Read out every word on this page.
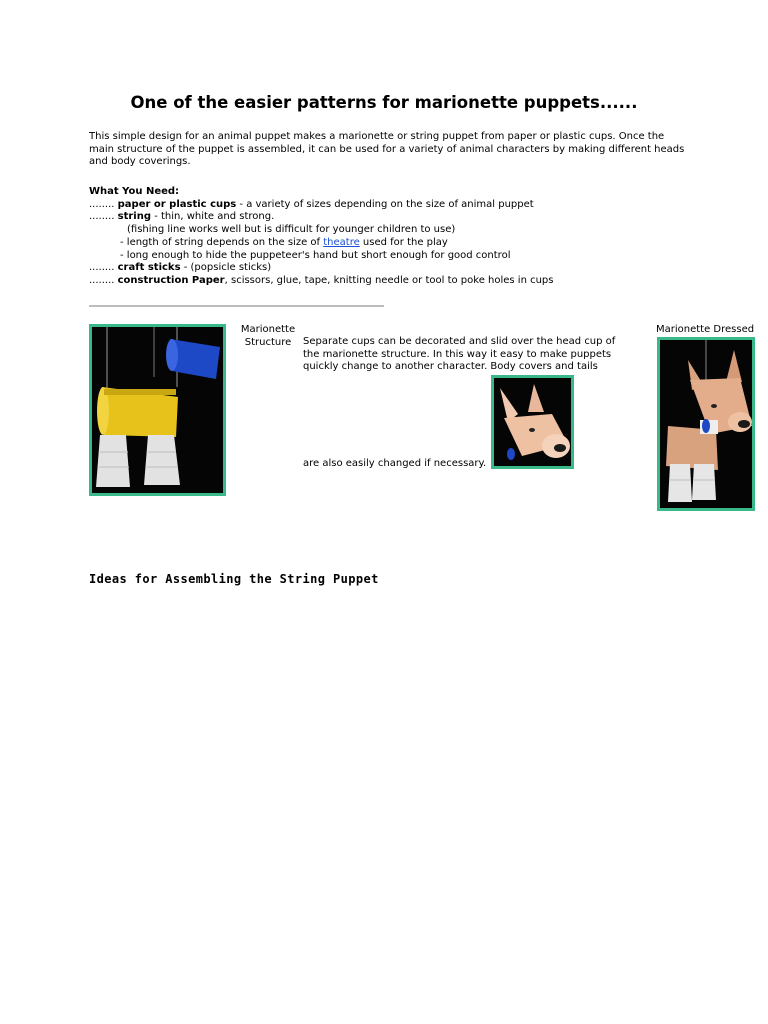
One of the easier patterns for marionette puppets......
This simple design for an animal puppet makes a marionette or string puppet from paper or plastic cups. Once the main structure of the puppet is assembled, it can be used for a variety of animal characters by making different heads and body coverings.
What You Need:
........ paper or plastic cups - a variety of sizes depending on the size of animal puppet
........ string - thin, white and strong.
(fishing line works well but is difficult for younger children to use)
- length of string depends on the size of theatre used for the play
- long enough to hide the puppeteer's hand but short enough for good control
........ craft sticks - (popsicle sticks)
........ construction Paper, scissors, glue, tape, knitting needle or tool to poke holes in cups
Marionette Structure	Separate cups can be decorated and slid over the head cup of the marionette structure. In this way it easy to make puppets quickly change to another character. Body covers and tails
are also easily changed if necessary.
Marionette Dressed
Ideas for Assembling the String Puppet
